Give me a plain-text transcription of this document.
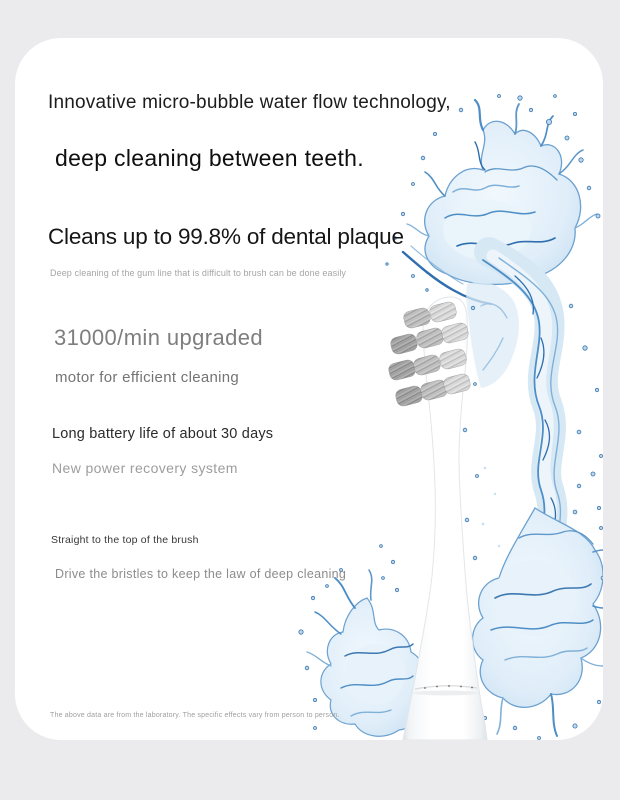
Innovative micro-bubble water flow technology,

deep cleaning between teeth.

Cleans up to 99.8% of dental plaque

Deep cleaning of the gum line that is difficult to brush can be done easily

31000/min upgraded

motor for efficient cleaning

Long battery life of about 30 days

New power recovery system

Straight to the top of the brush

Drive the bristles to keep the law of deep cleaning

The above data are from the laboratory. The specific effects vary from person to person.
